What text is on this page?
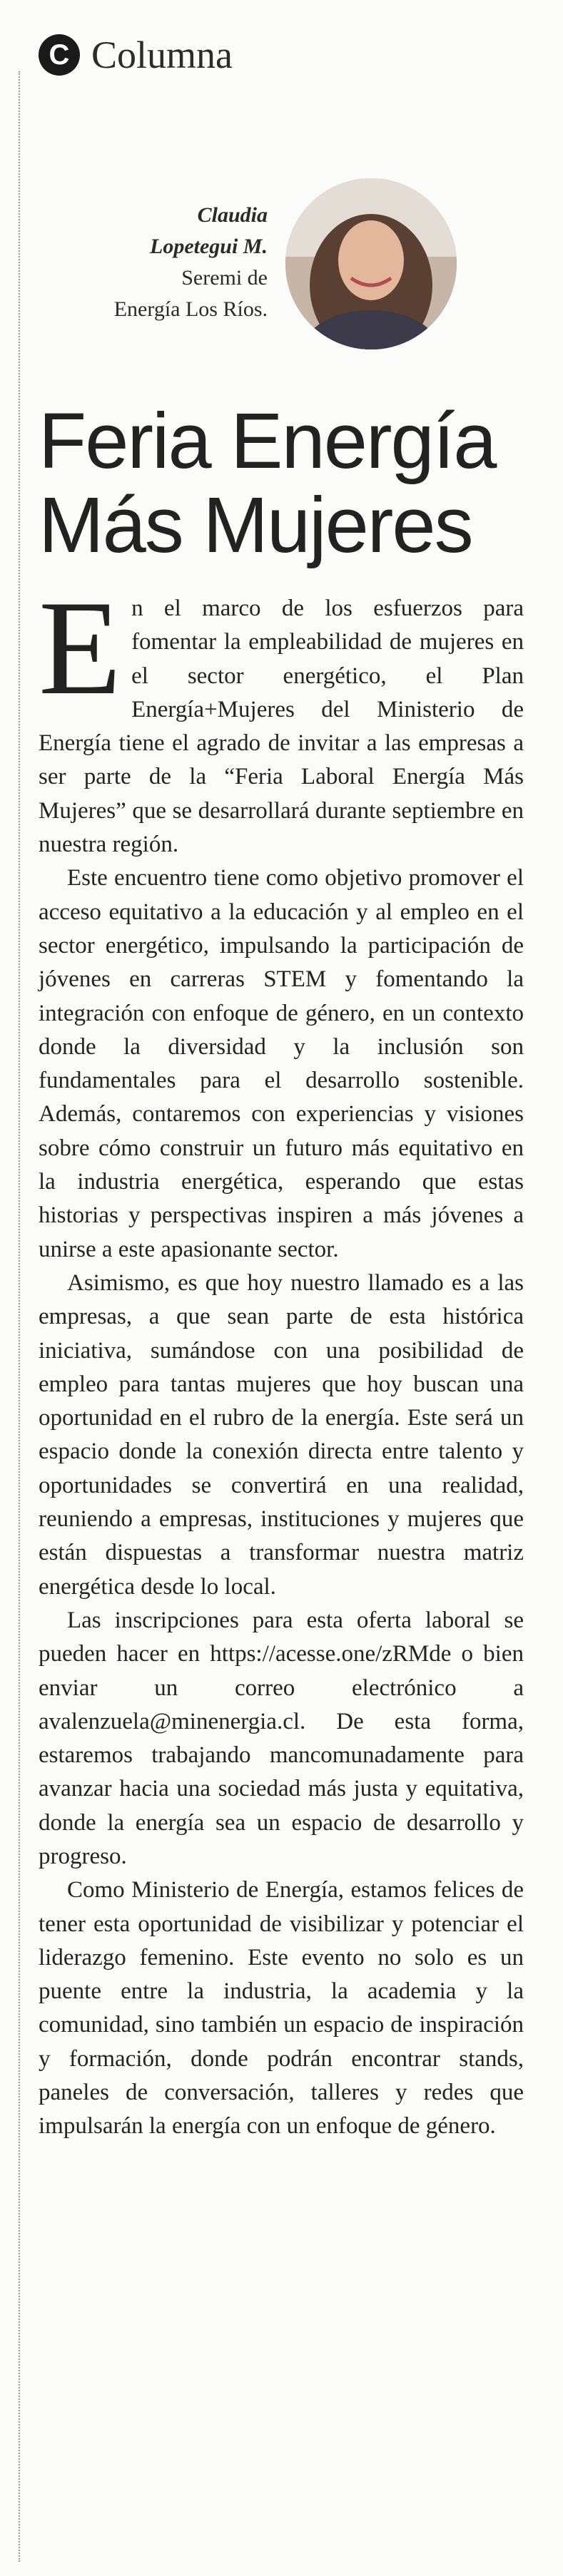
C Columna
Claudia
Lopetegui M.
Seremi de
Energía Los Ríos.
Feria Energía
Más Mujeres

E n el marco de los esfuerzos para fomentar la empleabilidad de mujeres en el sector energético, el Plan Energía+Mujeres del Ministerio de Energía tiene el agrado de invitar a las empresas a ser parte de la “Feria Laboral Energía Más Mujeres” que se desarrollará durante septiembre en nuestra región.

Este encuentro tiene como objetivo promover el acceso equitativo a la educación y al empleo en el sector energético, impulsando la participación de jóvenes en carreras STEM y fomentando la integración con enfoque de género, en un contexto donde la diversidad y la inclusión son fundamentales para el desarrollo sostenible. Además, contaremos con experiencias y visiones sobre cómo construir un futuro más equitativo en la industria energética, esperando que estas historias y perspectivas inspiren a más jóvenes a unirse a este apasionante sector.

Asimismo, es que hoy nuestro llamado es a las empresas, a que sean parte de esta histórica iniciativa, sumándose con una posibilidad de empleo para tantas mujeres que hoy buscan una oportunidad en el rubro de la energía. Este será un espacio donde la conexión directa entre talento y oportunidades se convertirá en una realidad, reuniendo a empresas, instituciones y mujeres que están dispuestas a transformar nuestra matriz energética desde lo local.

Las inscripciones para esta oferta laboral se pueden hacer en https://acesse.one/zRMde o bien enviar un correo electrónico a avalenzuela@minenergia.cl. De esta forma, estaremos trabajando mancomunadamente para avanzar hacia una sociedad más justa y equitativa, donde la energía sea un espacio de desarrollo y progreso.

Como Ministerio de Energía, estamos felices de tener esta oportunidad de visibilizar y potenciar el liderazgo femenino. Este evento no solo es un puente entre la industria, la academia y la comunidad, sino también un espacio de inspiración y formación, donde podrán encontrar stands, paneles de conversación, talleres y redes que impulsarán la energía con un enfoque de género.
